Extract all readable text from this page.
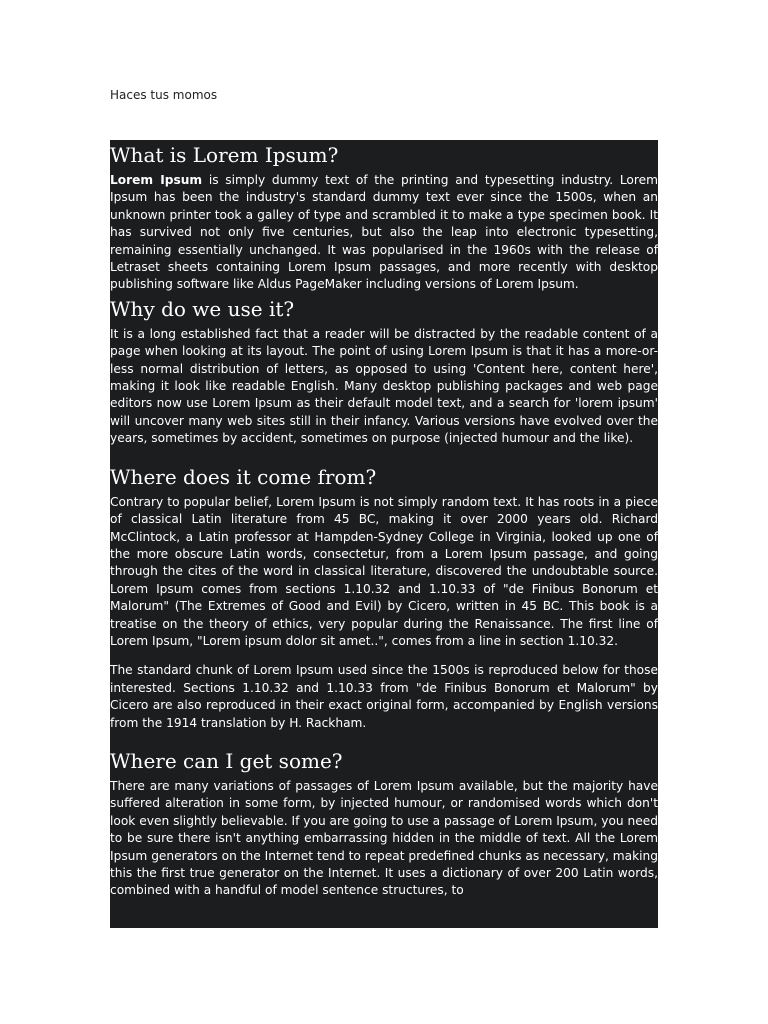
Haces tus momos

What is Lorem Ipsum?

Lorem Ipsum is simply dummy text of the printing and typesetting industry. Lorem Ipsum has been the industry's standard dummy text ever since the 1500s, when an unknown printer took a galley of type and scrambled it to make a type specimen book. It has survived not only five centuries, but also the leap into electronic typesetting, remaining essentially unchanged. It was popularised in the 1960s with the release of Letraset sheets containing Lorem Ipsum passages, and more recently with desktop publishing software like Aldus PageMaker including versions of Lorem Ipsum.

Why do we use it?

It is a long established fact that a reader will be distracted by the readable content of a page when looking at its layout. The point of using Lorem Ipsum is that it has a more-or-less normal distribution of letters, as opposed to using 'Content here, content here', making it look like readable English. Many desktop publishing packages and web page editors now use Lorem Ipsum as their default model text, and a search for 'lorem ipsum' will uncover many web sites still in their infancy. Various versions have evolved over the years, sometimes by accident, sometimes on purpose (injected humour and the like).

Where does it come from?

Contrary to popular belief, Lorem Ipsum is not simply random text. It has roots in a piece of classical Latin literature from 45 BC, making it over 2000 years old. Richard McClintock, a Latin professor at Hampden-Sydney College in Virginia, looked up one of the more obscure Latin words, consectetur, from a Lorem Ipsum passage, and going through the cites of the word in classical literature, discovered the undoubtable source. Lorem Ipsum comes from sections 1.10.32 and 1.10.33 of "de Finibus Bonorum et Malorum" (The Extremes of Good and Evil) by Cicero, written in 45 BC. This book is a treatise on the theory of ethics, very popular during the Renaissance. The first line of Lorem Ipsum, "Lorem ipsum dolor sit amet..", comes from a line in section 1.10.32.

The standard chunk of Lorem Ipsum used since the 1500s is reproduced below for those interested. Sections 1.10.32 and 1.10.33 from "de Finibus Bonorum et Malorum" by Cicero are also reproduced in their exact original form, accompanied by English versions from the 1914 translation by H. Rackham.

Where can I get some?

There are many variations of passages of Lorem Ipsum available, but the majority have suffered alteration in some form, by injected humour, or randomised words which don't look even slightly believable. If you are going to use a passage of Lorem Ipsum, you need to be sure there isn't anything embarrassing hidden in the middle of text. All the Lorem Ipsum generators on the Internet tend to repeat predefined chunks as necessary, making this the first true generator on the Internet. It uses a dictionary of over 200 Latin words, combined with a handful of model sentence structures, to
